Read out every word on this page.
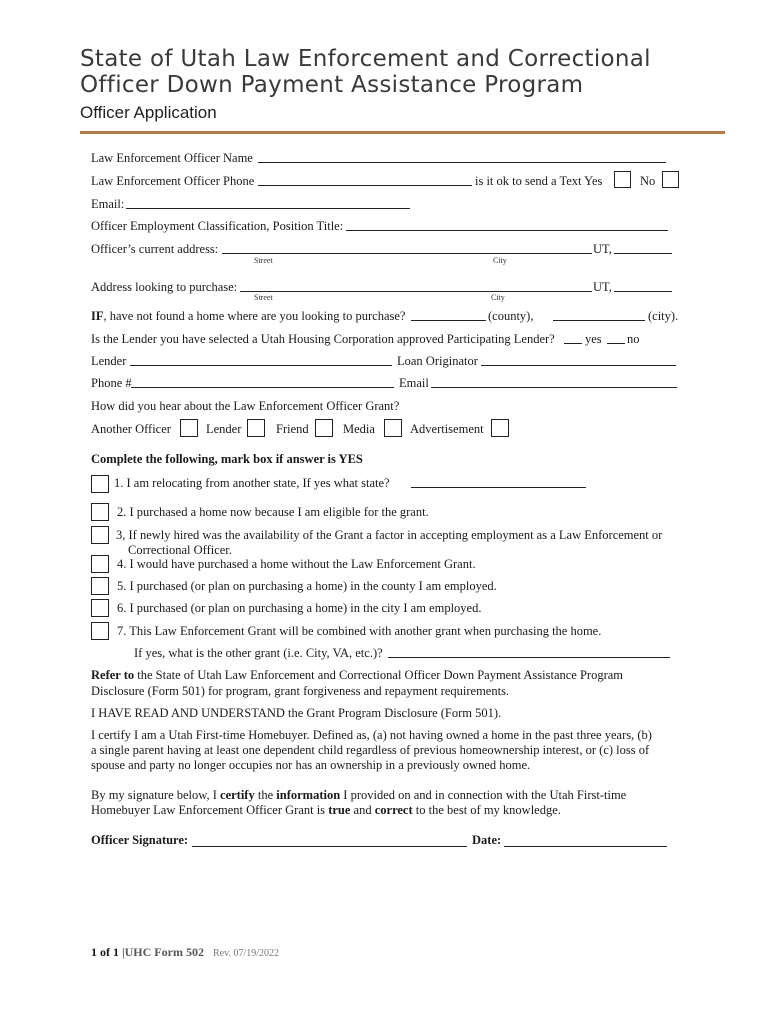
State of Utah Law Enforcement and Correctional
Officer Down Payment Assistance Program
Officer Application
Law Enforcement Officer Name
Law Enforcement Officer Phone	is it ok to send a Text Yes	No
Email:
Officer Employment Classification, Position Title:
Officer’s current address:	UT,
Street	City
Address looking to purchase:	UT,
Street	City
IF, have not found a home where are you looking to purchase?	(county),	(city).
Is the Lender you have selected a Utah Housing Corporation approved Participating Lender? yes no
Lender	Loan Originator
Phone #	Email
How did you hear about the Law Enforcement Officer Grant?
Another Officer	Lender	Friend	Media	Advertisement
Complete the following, mark box if answer is YES
1. I am relocating from another state, If yes what state?
2. I purchased a home now because I am eligible for the grant.
3, If newly hired was the availability of the Grant a factor in accepting employment as a Law Enforcement or
Correctional Officer.
4. I would have purchased a home without the Law Enforcement Grant.
5. I purchased (or plan on purchasing a home) in the county I am employed.
6. I purchased (or plan on purchasing a home) in the city I am employed.
7. This Law Enforcement Grant will be combined with another grant when purchasing the home.
If yes, what is the other grant (i.e. City, VA, etc.)?
Refer to the State of Utah Law Enforcement and Correctional Officer Down Payment Assistance Program
Disclosure (Form 501) for program, grant forgiveness and repayment requirements.
I HAVE READ AND UNDERSTAND the Grant Program Disclosure (Form 501).
I certify I am a Utah First-time Homebuyer. Defined as, (a) not having owned a home in the past three years, (b)
a single parent having at least one dependent child regardless of previous homeownership interest, or (c) loss of
spouse and party no longer occupies nor has an ownership in a previously owned home.
By my signature below, I certify the information I provided on and in connection with the Utah First-time
Homebuyer Law Enforcement Officer Grant is true and correct to the best of my knowledge.
Officer Signature:	Date:
1 of 1 |UHC Form 502 Rev. 07/19/2022
